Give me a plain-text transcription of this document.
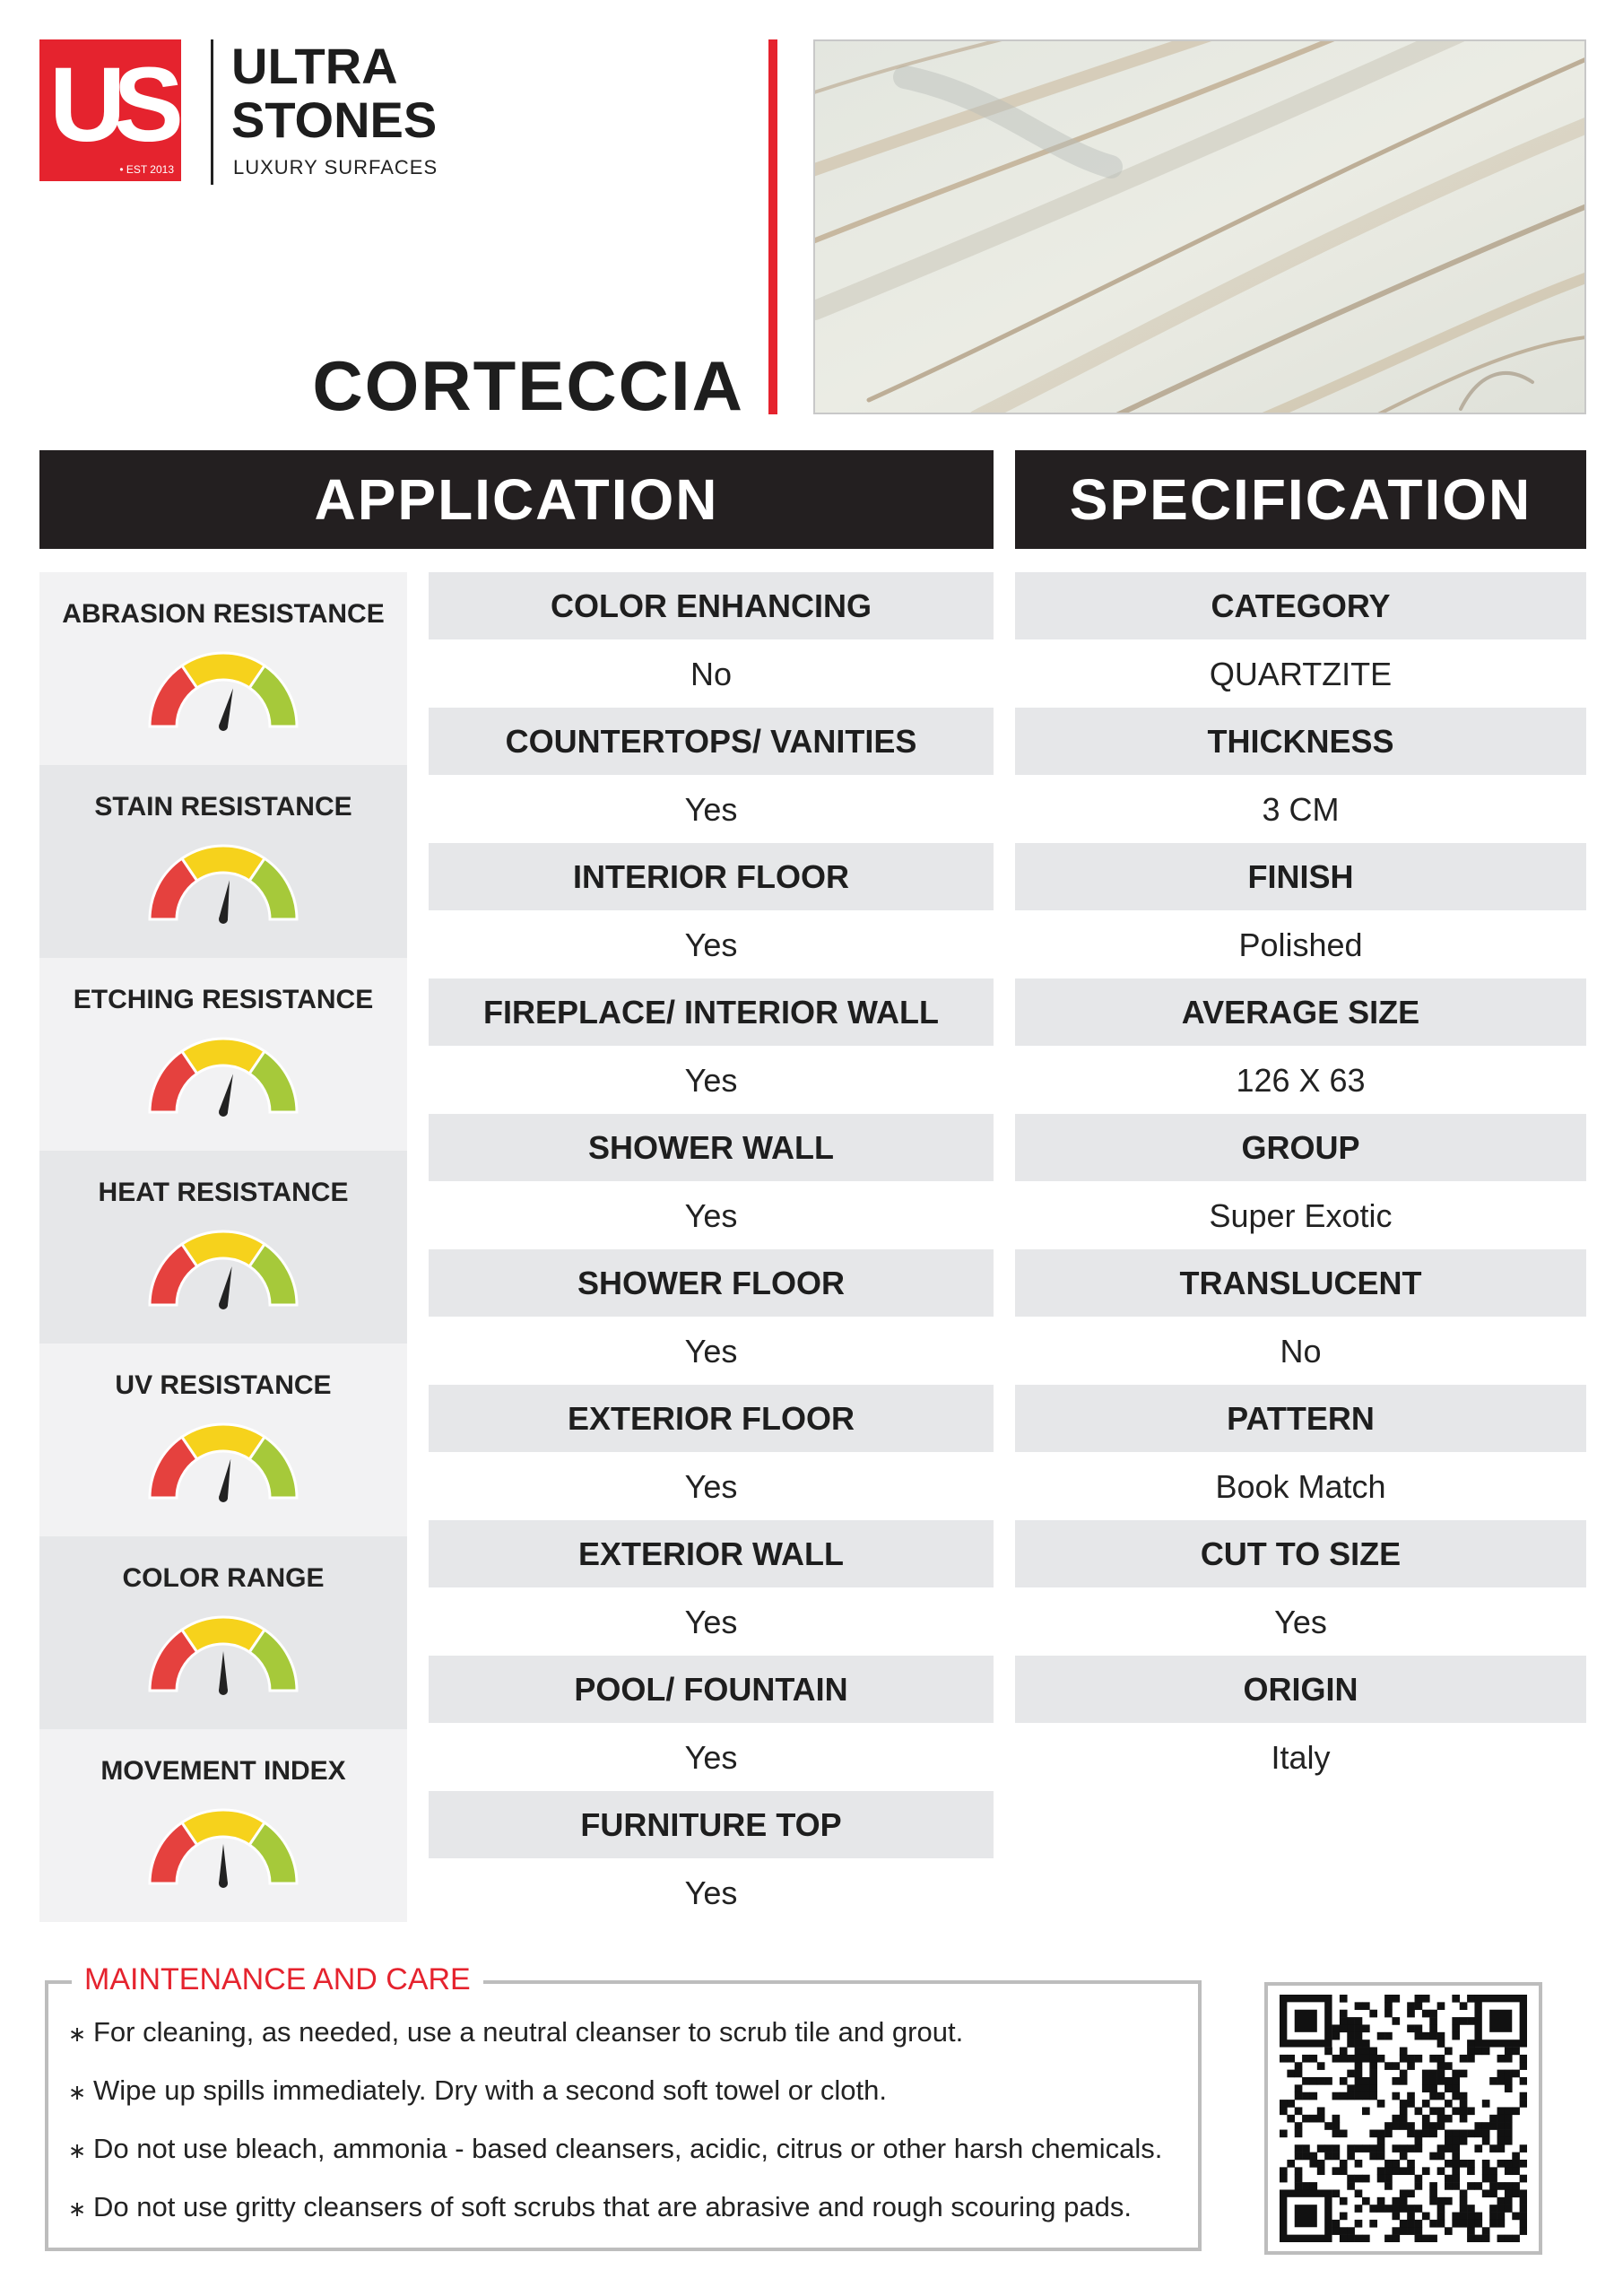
US
• EST 2013
ULTRA
STONES
LUXURY SURFACES
CORTECCIA
APPLICATION	SPECIFICATION
ABRASION RESISTANCE
STAIN RESISTANCE
ETCHING RESISTANCE
HEAT RESISTANCE
UV RESISTANCE
COLOR RANGE
MOVEMENT INDEX
COLOR ENHANCING
No
COUNTERTOPS/ VANITIES
Yes
INTERIOR FLOOR
Yes
FIREPLACE/ INTERIOR WALL
Yes
SHOWER WALL
Yes
SHOWER FLOOR
Yes
EXTERIOR FLOOR
Yes
EXTERIOR WALL
Yes
POOL/ FOUNTAIN
Yes
FURNITURE TOP
Yes
CATEGORY
QUARTZITE
THICKNESS
3 CM
FINISH
Polished
AVERAGE SIZE
126 X 63
GROUP
Super Exotic
TRANSLUCENT
No
PATTERN
Book Match
CUT TO SIZE
Yes
ORIGIN
Italy
MAINTENANCE AND CARE
∗ For cleaning, as needed, use a neutral cleanser to scrub tile and grout.
∗ Wipe up spills immediately. Dry with a second soft towel or cloth.
∗ Do not use bleach, ammonia - based cleansers, acidic, citrus or other harsh chemicals.
∗ Do not use gritty cleansers of soft scrubs that are abrasive and rough scouring pads.
